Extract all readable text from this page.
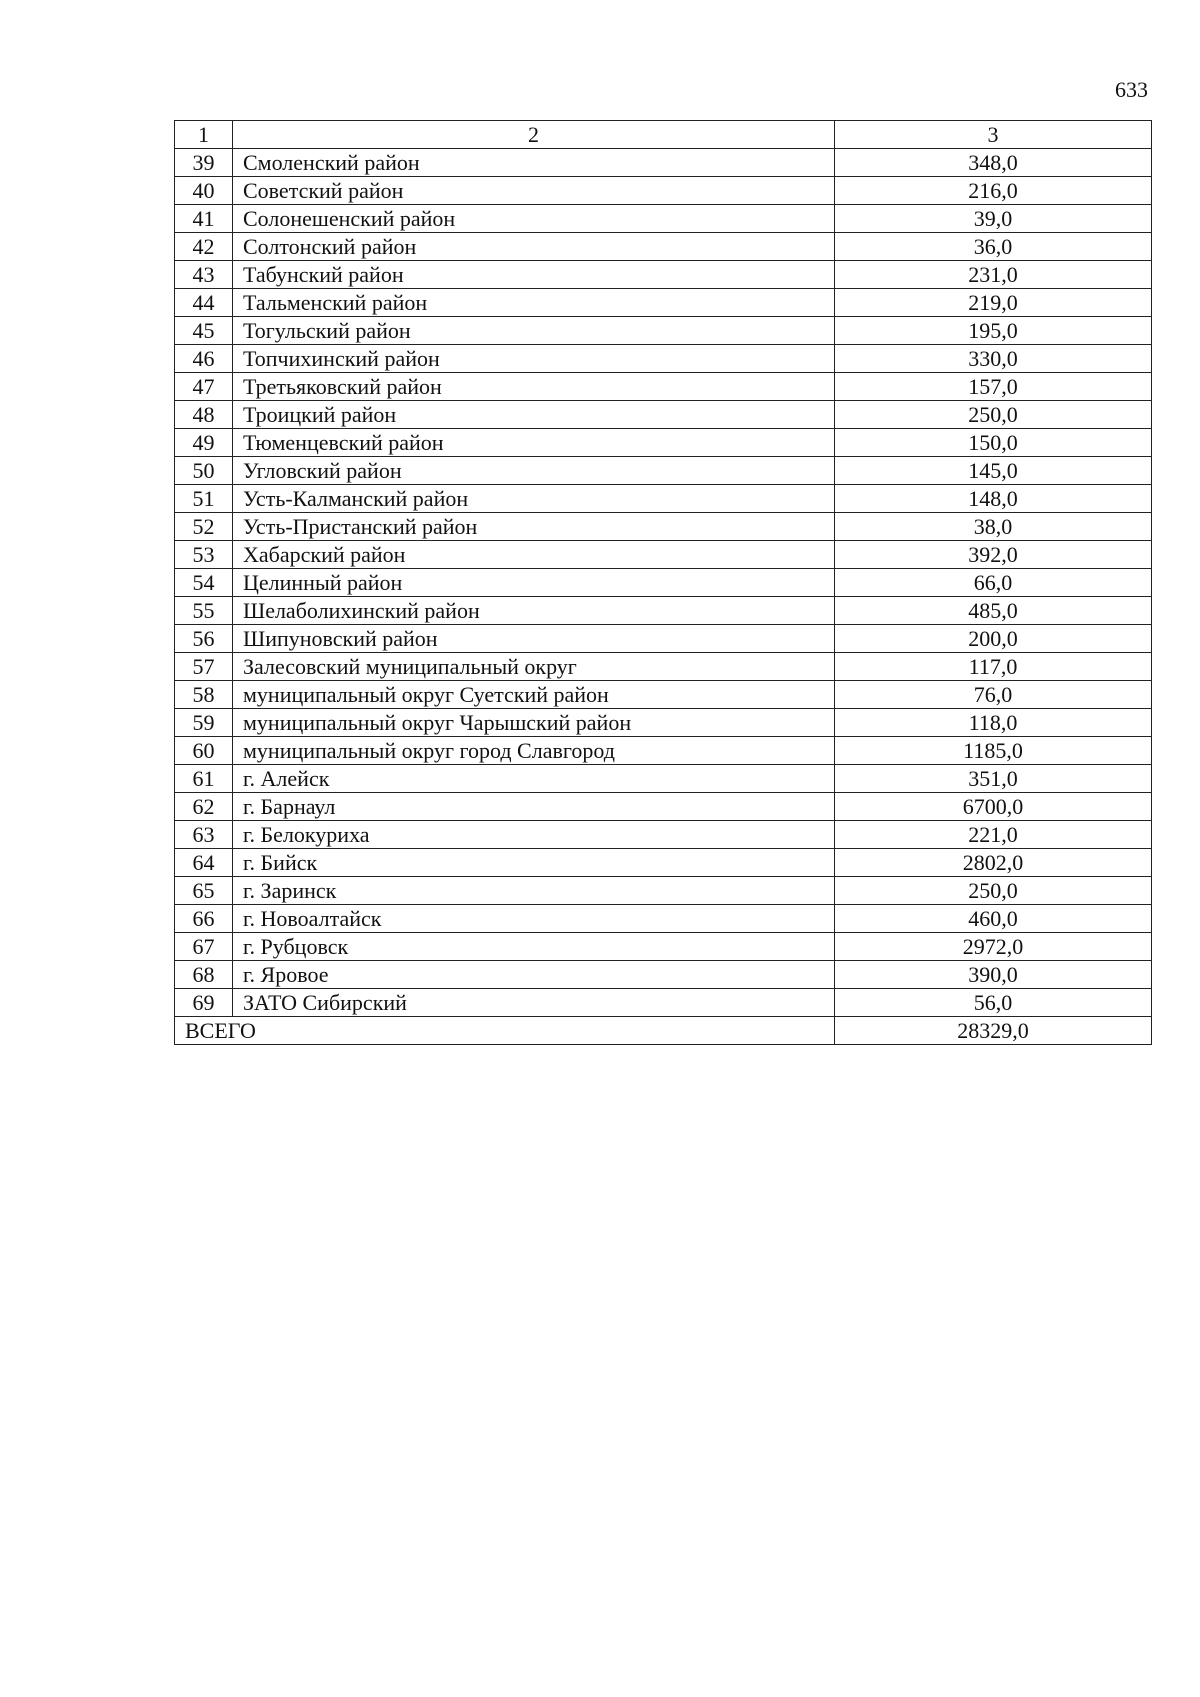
633
1	2	3
39	Смоленский район	348,0
40	Советский район	216,0
41	Солонешенский район	39,0
42	Солтонский район	36,0
43	Табунский район	231,0
44	Тальменский район	219,0
45	Тогульский район	195,0
46	Топчихинский район	330,0
47	Третьяковский район	157,0
48	Троицкий район	250,0
49	Тюменцевский район	150,0
50	Угловский район	145,0
51	Усть-Калманский район	148,0
52	Усть-Пристанский район	38,0
53	Хабарский район	392,0
54	Целинный район	66,0
55	Шелаболихинский район	485,0
56	Шипуновский район	200,0
57	Залесовский муниципальный округ	117,0
58	муниципальный округ Суетский район	76,0
59	муниципальный округ Чарышский район	118,0
60	муниципальный округ город Славгород	1185,0
61	г. Алейск	351,0
62	г. Барнаул	6700,0
63	г. Белокуриха	221,0
64	г. Бийск	2802,0
65	г. Заринск	250,0
66	г. Новоалтайск	460,0
67	г. Рубцовск	2972,0
68	г. Яровое	390,0
69	ЗАТО Сибирский	56,0
ВСЕГО		28329,0
